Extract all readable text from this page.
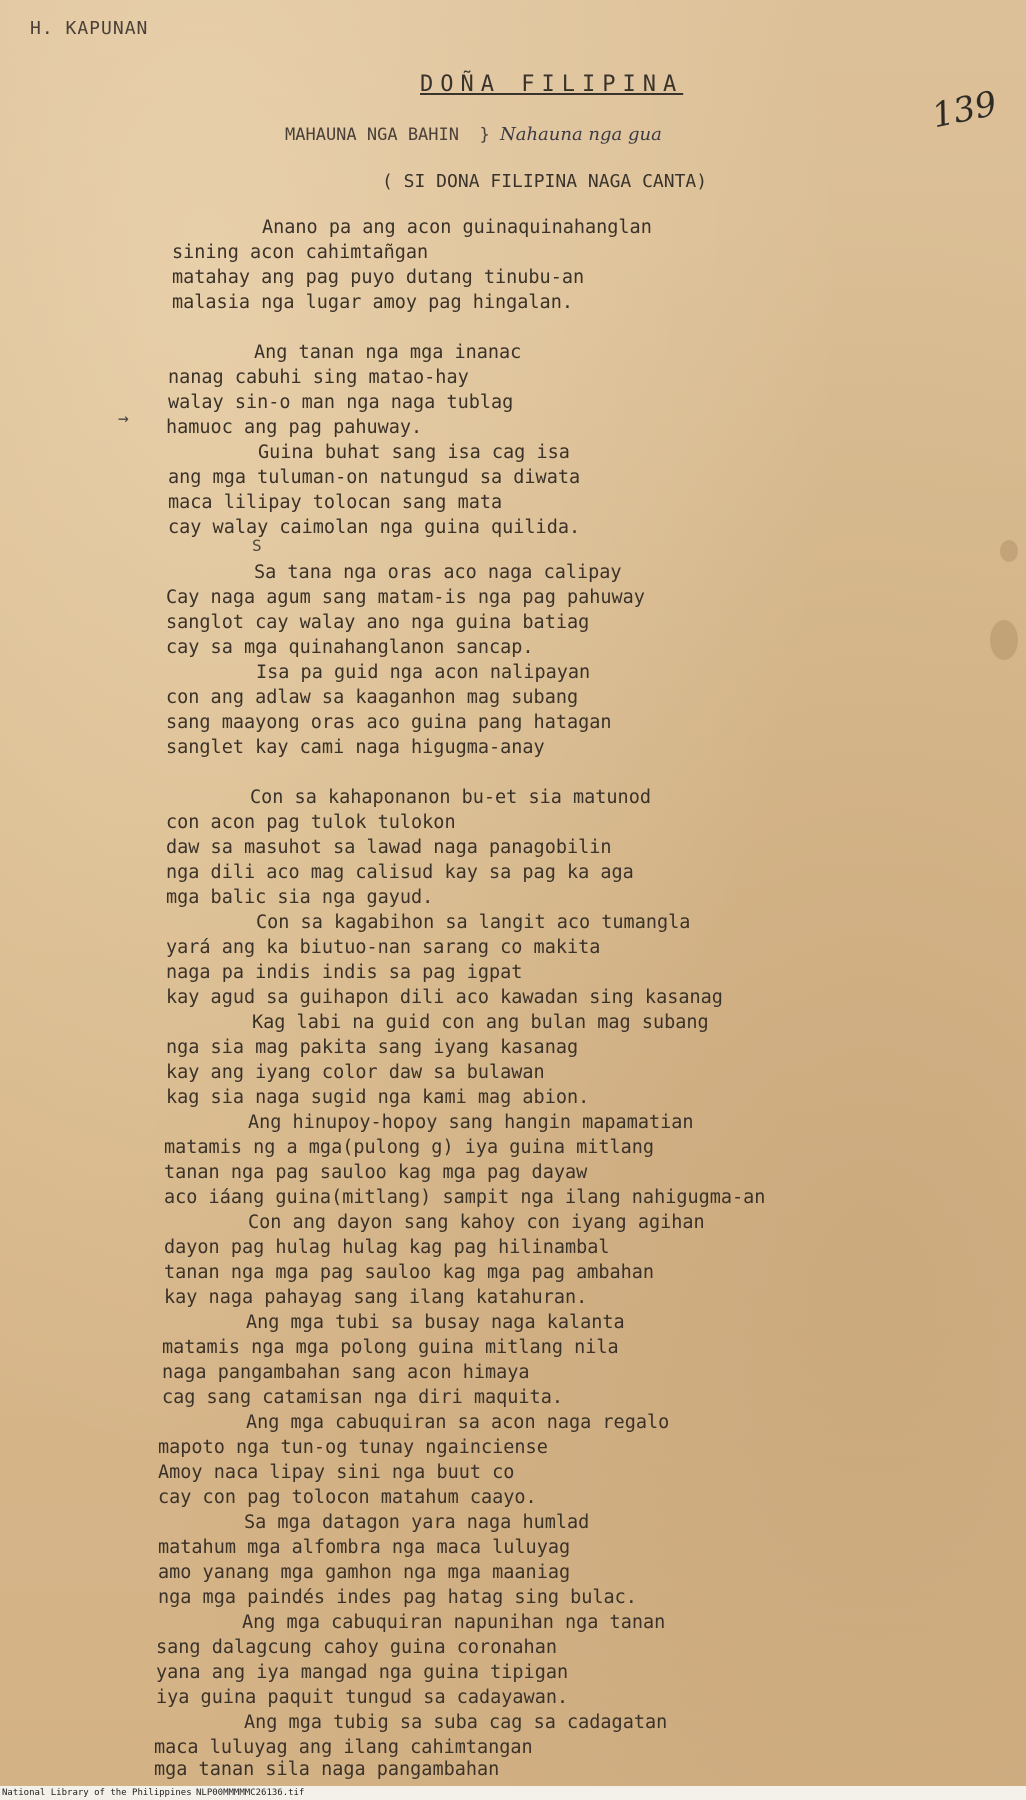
H. KAPUNAN
139
DOÑA FILIPINA
MAHAUNA NGA BAHIN } Nahauna nga gua
( SI DONA FILIPINA NAGA CANTA)
Anano pa ang acon guinaquinahanglan
sining acon cahimtañgan
matahay ang pag puyo dutang tinubu-an
malasia nga lugar amoy pag hingalan.
Ang tanan nga mga inanac
nanag cabuhi sing matao-hay
walay sin-o man nga naga tublag
hamuoc ang pag pahuway.
Guina buhat sang isa cag isa
ang mga tuluman-on natungud sa diwata
maca lilipay tolocan sang mata
cay walay caimolan nga guina quilida.
Sa tana nga oras aco naga calipay
Cay naga agum sang matam-is nga pag pahuway
sanglot cay walay ano nga guina batiag
cay sa mga quinahanglanon sancap.
Isa pa guid nga acon nalipayan
con ang adlaw sa kaaganhon mag subang
sang maayong oras aco guina pang hatagan
sanglet kay cami naga higugma-anay
Con sa kahaponanon bu-et sia matunod
con acon pag tulok tulokon
daw sa masuhot sa lawad naga panagobilin
nga dili aco mag calisud kay sa pag ka aga
mga balic sia nga gayud.
Con sa kagabihon sa langit aco tumangla
yará ang ka biutuo-nan sarang co makita
naga pa indis indis sa pag igpat
kay agud sa guihapon dili aco kawadan sing kasanag
Kag labi na guid con ang bulan mag subang
nga sia mag pakita sang iyang kasanag
kay ang iyang color daw sa bulawan
kag sia naga sugid nga kami mag abion.
Ang hinupoy-hopoy sang hangin mapamatian
matamis ng a mga(pulong g) iya guina mitlang
tanan nga pag sauloo kag mga pag dayaw
aco iáang guina(mitlang) sampit nga ilang nahigugma-an
Con ang dayon sang kahoy con iyang agihan
dayon pag hulag hulag kag pag hilinambal
tanan nga mga pag sauloo kag mga pag ambahan
kay naga pahayag sang ilang katahuran.
Ang mga tubi sa busay naga kalanta
matamis nga mga polong guina mitlang nila
naga pangambahan sang acon himaya
cag sang catamisan nga diri maquita.
Ang mga cabuquiran sa acon naga regalo
mapoto nga tun-og tunay ngainciense
Amoy naca lipay sini nga buut co
cay con pag tolocon matahum caayo.
Sa mga datagon yara naga humlad
matahum mga alfombra nga maca luluyag
amo yanang mga gamhon nga mga maaniag
nga mga paindés indes pag hatag sing bulac.
Ang mga cabuquiran napunihan nga tanan
sang dalagcung cahoy guina coronahan
yana ang iya mangad nga guina tipigan
iya guina paquit tungud sa cadayawan.
Ang mga tubig sa suba cag sa cadagatan
maca luluyag ang ilang cahimtangan
mga tanan sila naga pangambahan
→
S

National Library of the Philippines

NLP00MMMMMC26136.tif
